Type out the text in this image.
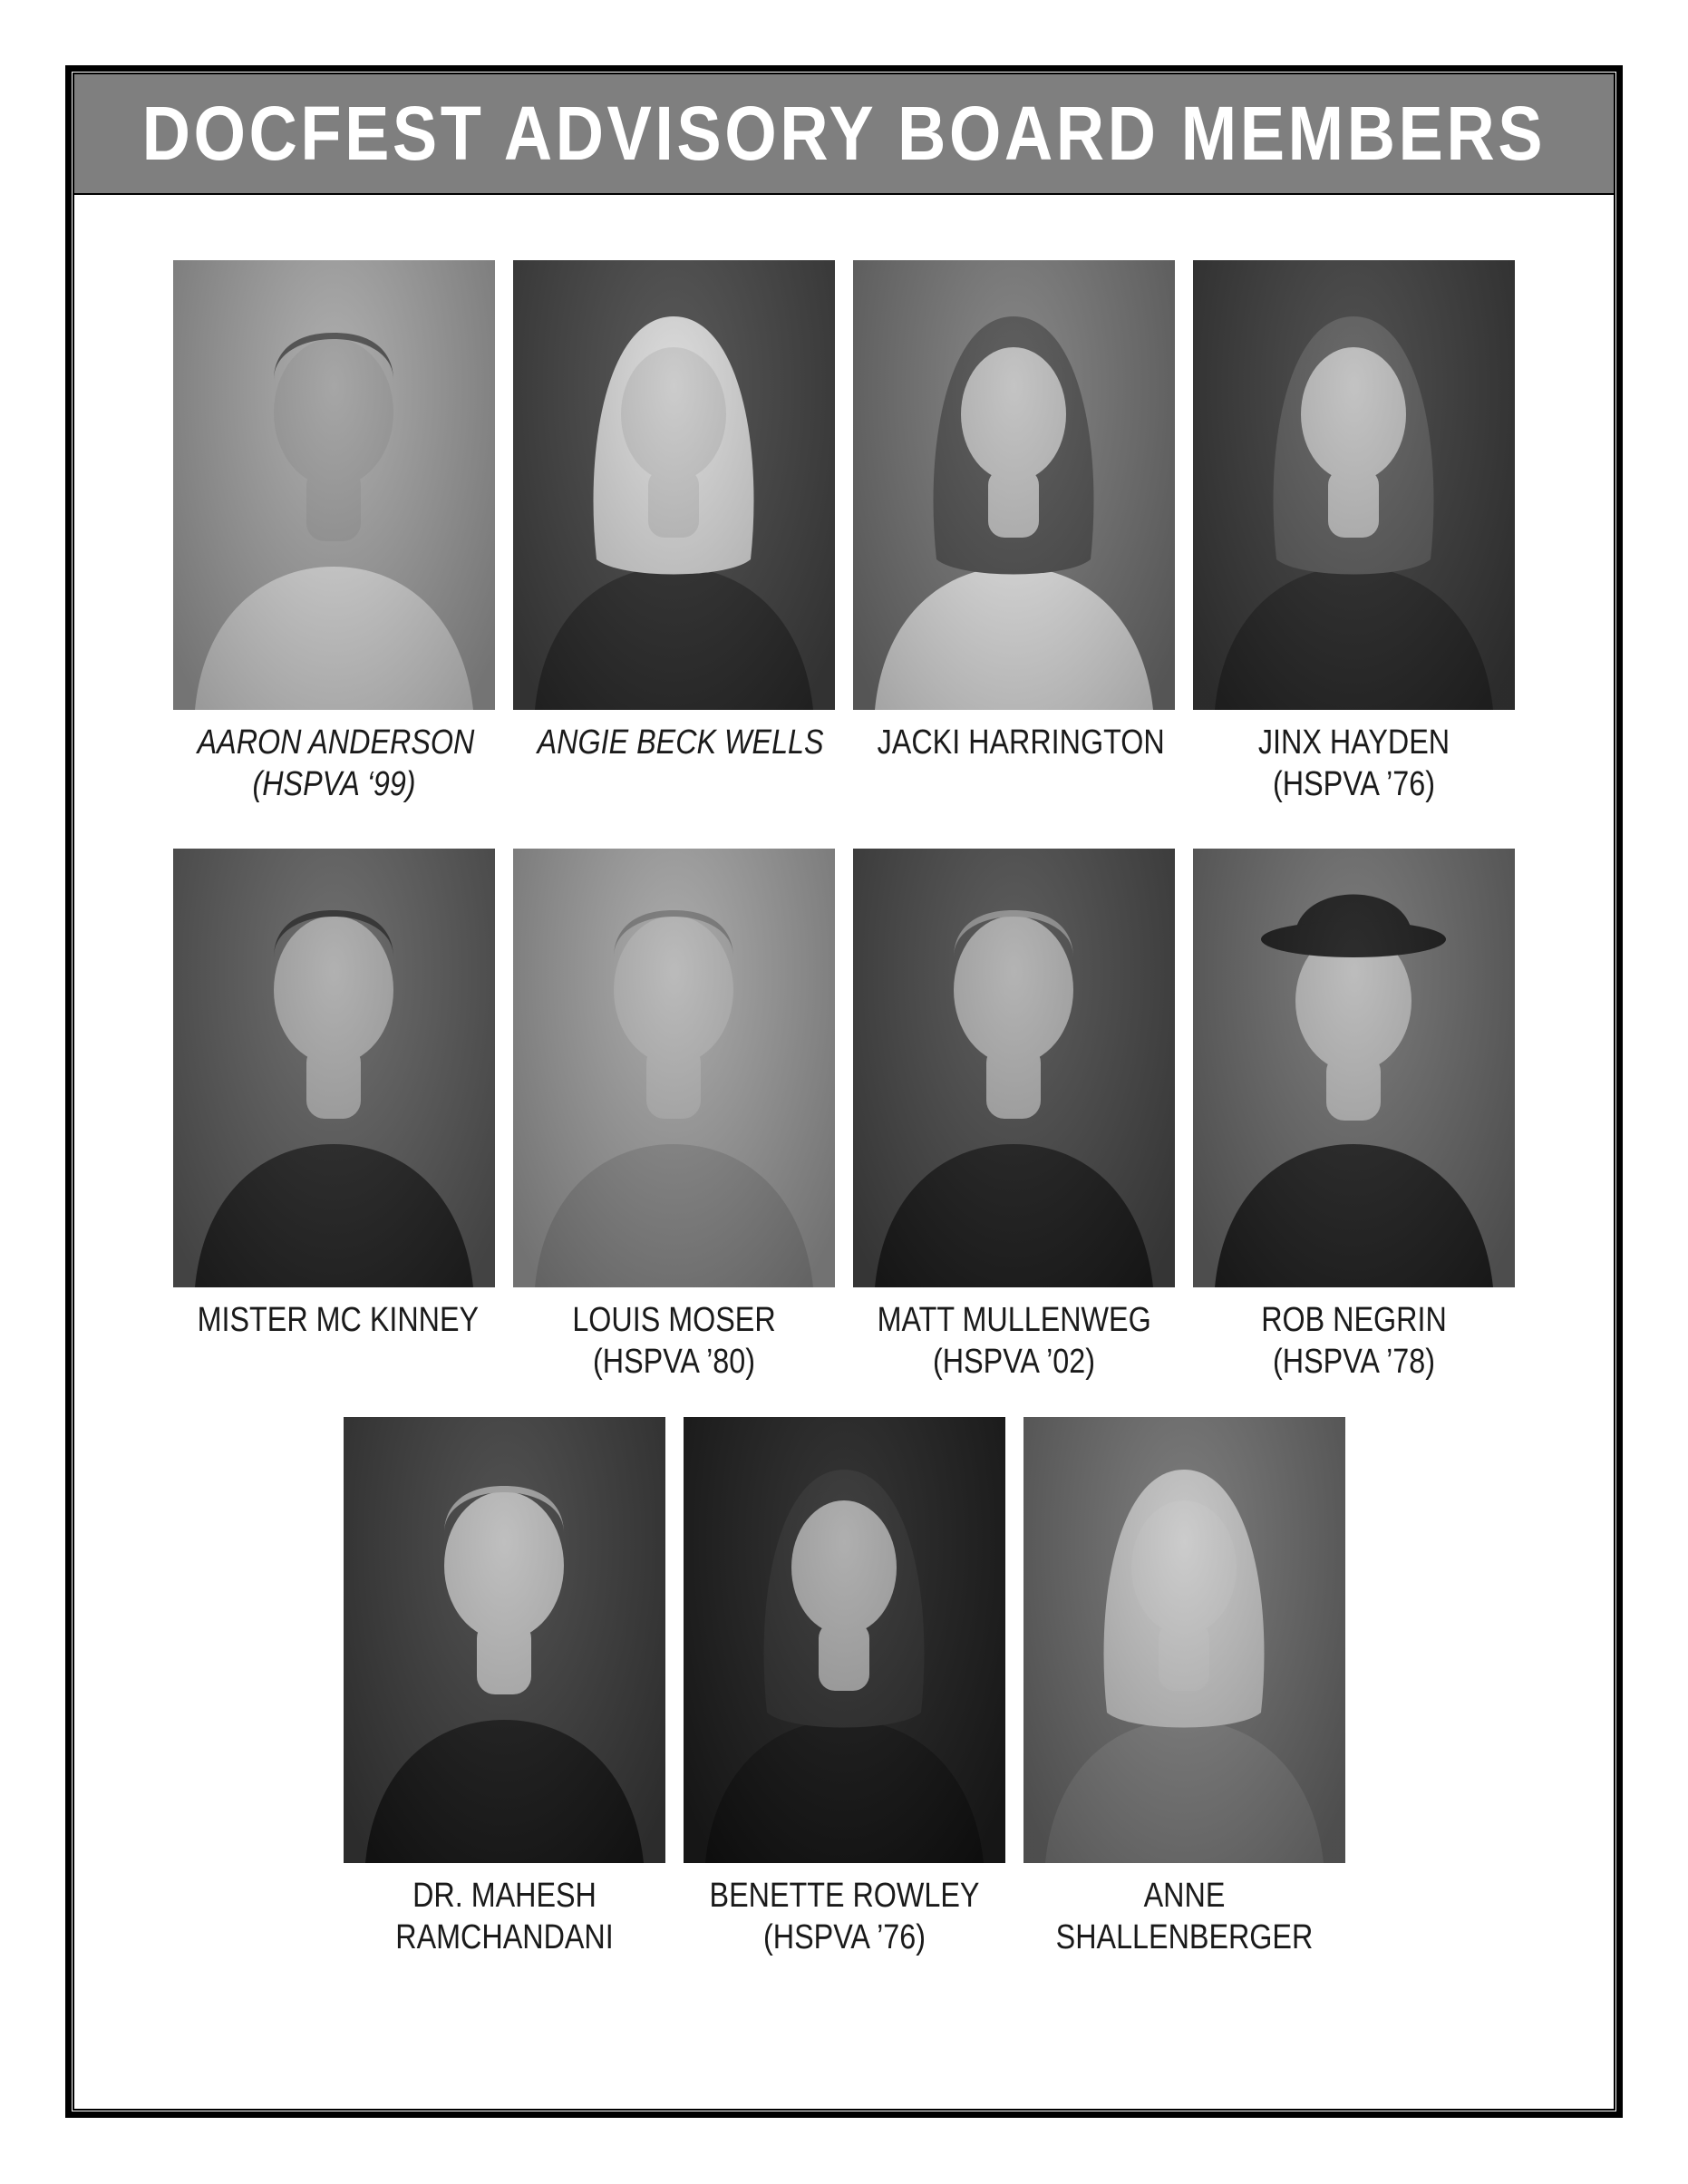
DOCFEST ADVISORY BOARD MEMBERS
AARON ANDERSON
(HSPVA ‘99)
ANGIE BECK WELLS JACKI HARRINGTON	JINX HAYDEN
(HSPVA ’76)
MISTER MC KINNEY	LOUIS MOSER
(HSPVA ’80)
MATT MULLENWEG
(HSPVA ’02)
ROB NEGRIN
(HSPVA ’78)
DR. MAHESH
RAMCHANDANI
BENETTE ROWLEY
(HSPVA ’76)
ANNE
SHALLENBERGER
